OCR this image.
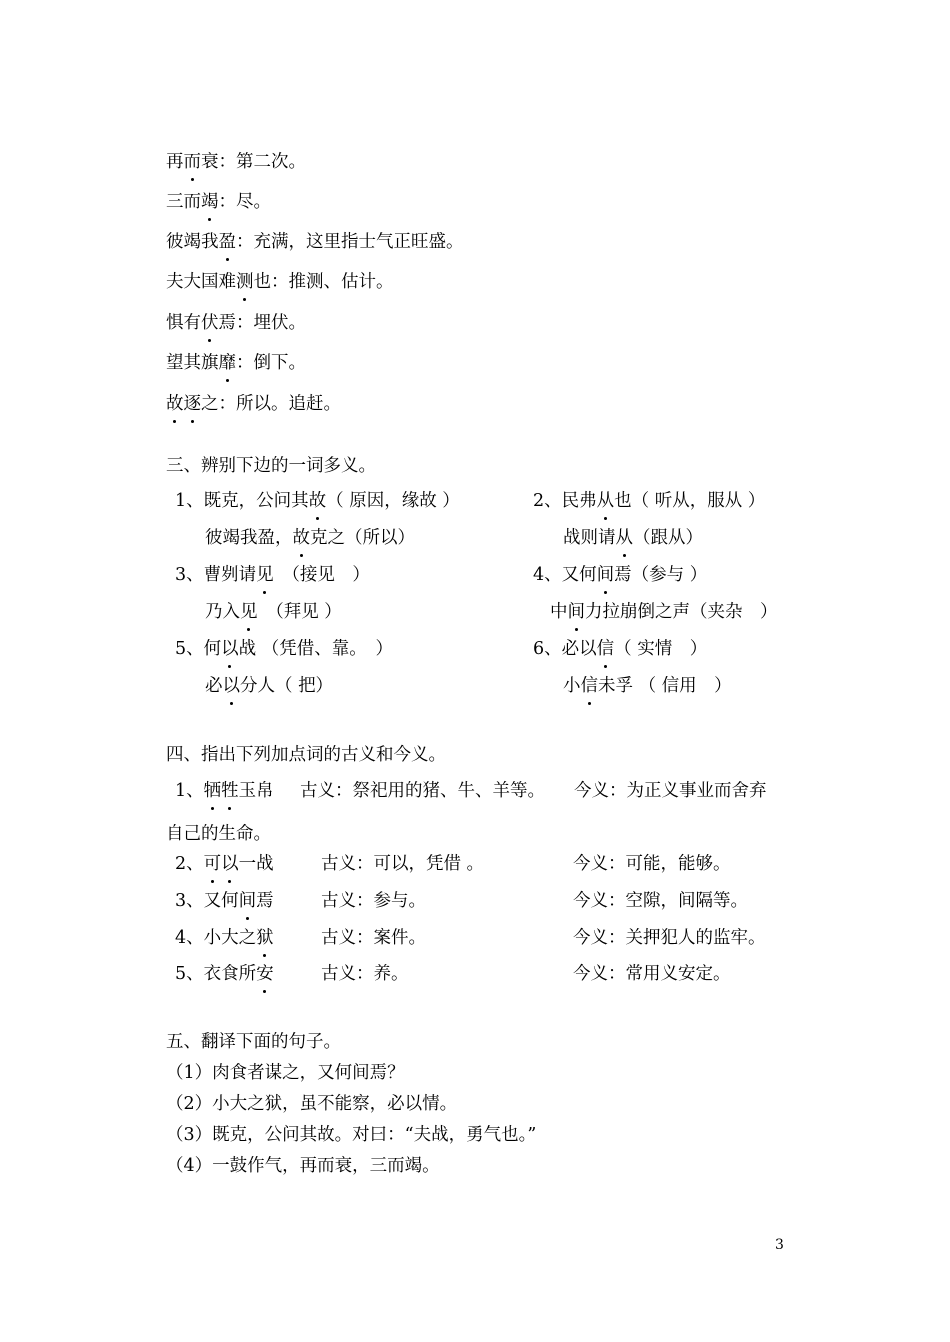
再而衰：第二次。
三而竭：尽。
彼竭我盈：充满，这里指士气正旺盛。
夫大国难测也：推测、估计。
惧有伏焉：埋伏。
望其旗靡：倒下。
故逐之：所以。追赶。
三、辨别下边的一词多义。
1、既克，公问其故（ 原因，缘故 ）
彼竭我盈，故克之（所以）
2、民弗从也（ 听从，服从 ）
战则请从（跟从）
3、曹刿请见　（接见　）
乃入见　（拜见 ）
4、又何间焉（参与 ）
中间力拉崩倒之声（夹杂　）
5、何以战 （凭借、靠。　）
必以分人（ 把）
6、必以信（ 实情　）
小信未孚 （ 信用　）
四、指出下列加点词的古义和今义。
1、牺牲玉帛 古义：祭祀用的猪、牛、羊等。 今义：为正义事业而舍弃
自己的生命。
2、可以一战	古义：可以，凭借 。	今义：可能，能够。
3、又何间焉	古义：参与。	今义：空隙，间隔等。
4、小大之狱	古义：案件。	今义：关押犯人的监牢。
5、衣食所安	古义：养。	今义：常用义安定。
五、翻译下面的句子。
（1）肉食者谋之，又何间焉？
（2）小大之狱，虽不能察，必以情。
（3）既克，公问其故。对曰：“夫战，勇气也。”
（4）一鼓作气，再而衰，三而竭。
3
